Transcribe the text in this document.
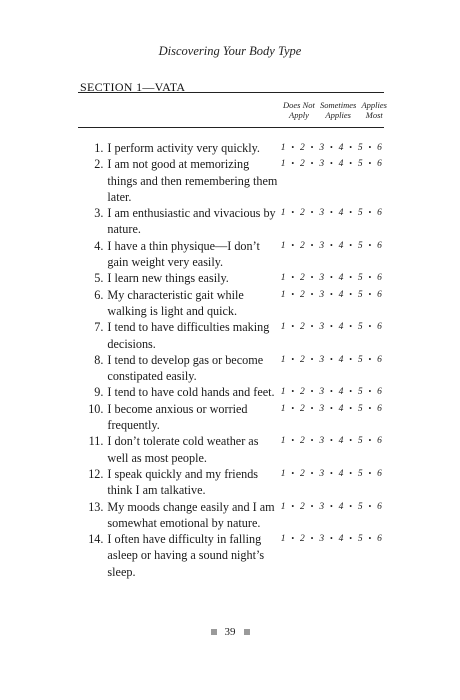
Discovering Your Body Type
SECTION 1—VATA
Does Not
Apply
Sometimes
Applies
Applies
Most
1. I perform activity very quickly.	1 • 2 • 3 • 4 • 5 • 6
2. I am not good at memorizing things and then remembering them later.
1 • 2 • 3 • 4 • 5 • 6
3. I am enthusiastic and vivacious by nature.
1 • 2 • 3 • 4 • 5 • 6
4. I have a thin physique—I don’t gain weight very easily.
1 • 2 • 3 • 4 • 5 • 6
5. I learn new things easily.	1 • 2 • 3 • 4 • 5 • 6
6. My characteristic gait while walking is light and quick.
1 • 2 • 3 • 4 • 5 • 6
7. I tend to have difficulties making decisions.
1 • 2 • 3 • 4 • 5 • 6
8. I tend to develop gas or become constipated easily.
1 • 2 • 3 • 4 • 5 • 6
9. I tend to have cold hands and feet. 1 • 2 • 3 • 4 • 5 • 6
10. I become anxious or worried frequently.
1 • 2 • 3 • 4 • 5 • 6
11. I don’t tolerate cold weather as well as most people.
1 • 2 • 3 • 4 • 5 • 6
12. I speak quickly and my friends think I am talkative.
1 • 2 • 3 • 4 • 5 • 6
13. My moods change easily and I am somewhat emotional by nature.
1 • 2 • 3 • 4 • 5 • 6
14. I often have difficulty in falling asleep or having a sound night’s sleep.
1 • 2 • 3 • 4 • 5 • 6
39
